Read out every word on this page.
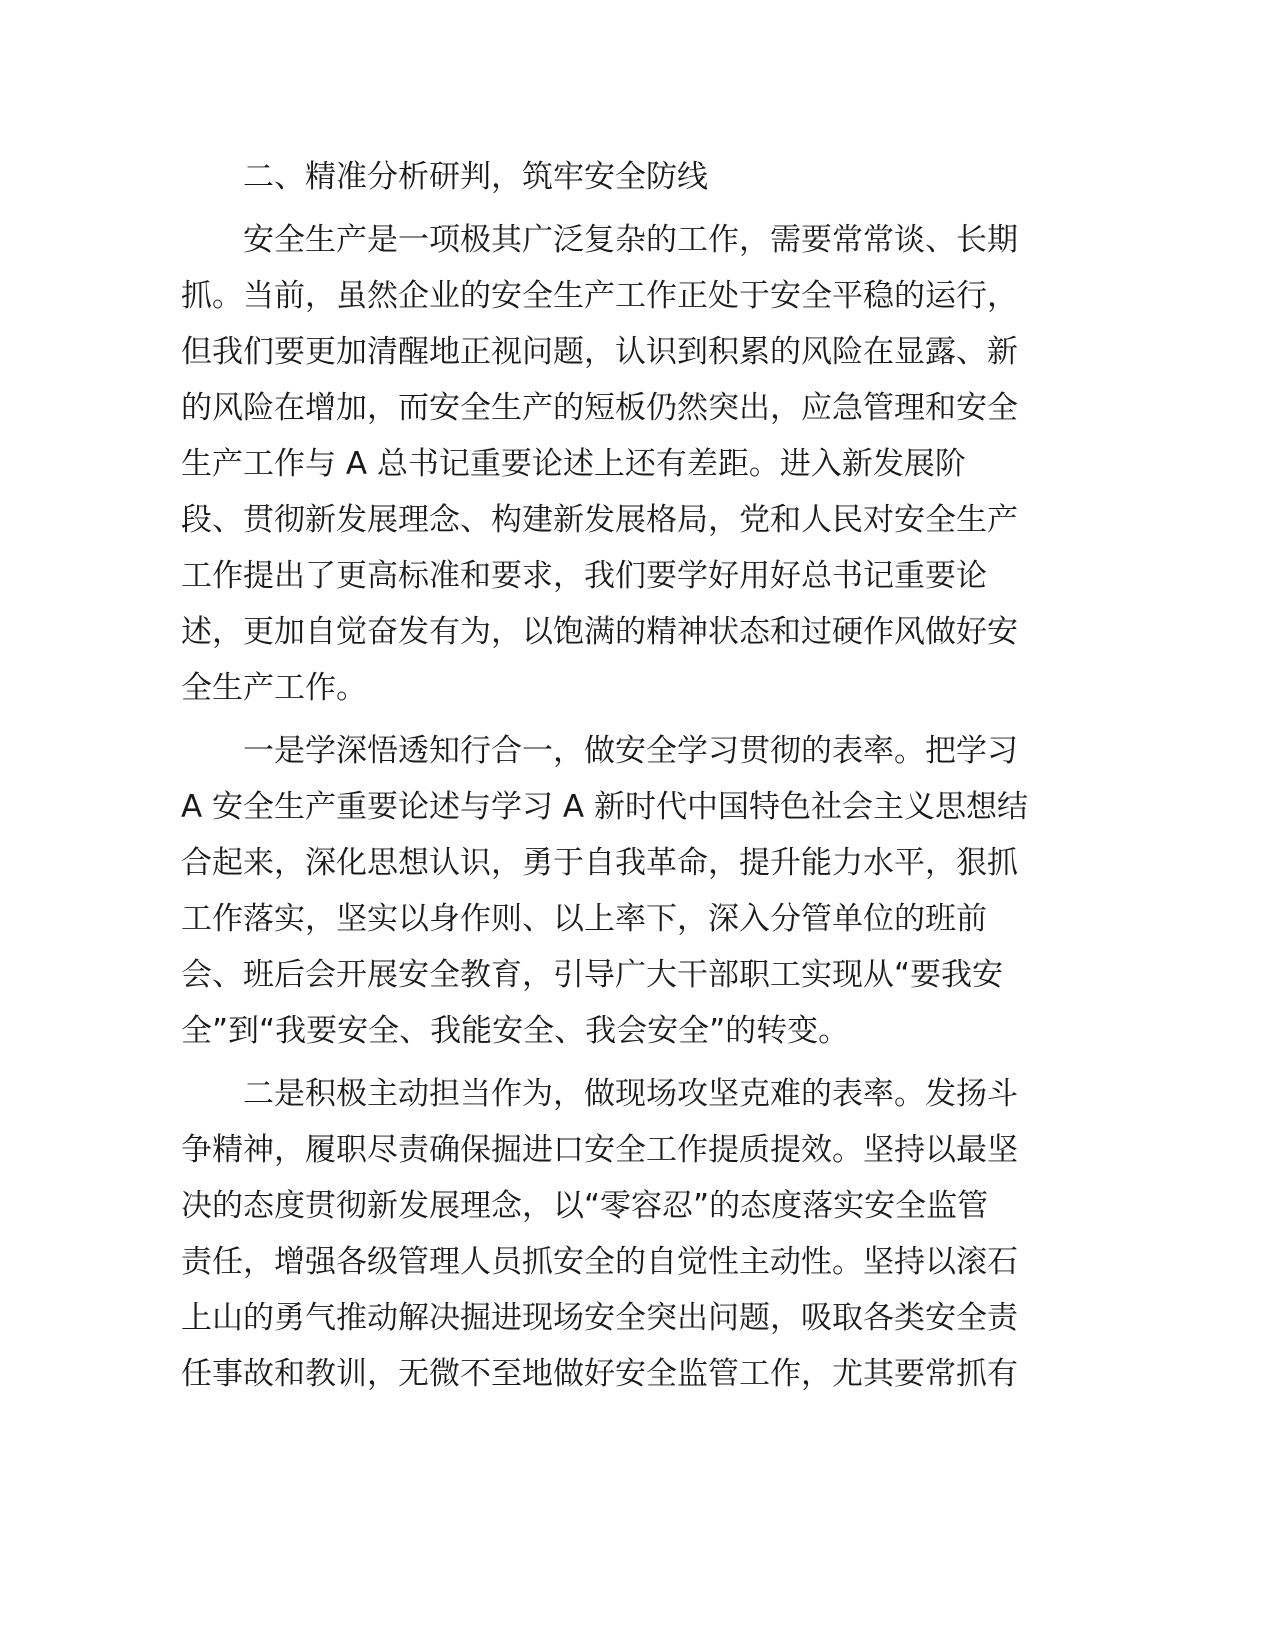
二、精准分析研判，筑牢安全防线
安全生产是一项极其广泛复杂的工作，需要常常谈、长期
抓。当前，虽然企业的安全生产工作正处于安全平稳的运行，
但我们要更加清醒地正视问题，认识到积累的风险在显露、新
的风险在增加，而安全生产的短板仍然突出，应急管理和安全
生产工作与 A 总书记重要论述上还有差距。进入新发展阶
段、贯彻新发展理念、构建新发展格局，党和人民对安全生产
工作提出了更高标准和要求，我们要学好用好总书记重要论
述，更加自觉奋发有为，以饱满的精神状态和过硬作风做好安
全生产工作。
一是学深悟透知行合一，做安全学习贯彻的表率。把学习
A 安全生产重要论述与学习 A 新时代中国特色社会主义思想结
合起来，深化思想认识，勇于自我革命，提升能力水平，狠抓
工作落实，坚实以身作则、以上率下，深入分管单位的班前
会、班后会开展安全教育，引导广大干部职工实现从“要我安
全”到“我要安全、我能安全、我会安全”的转变。
二是积极主动担当作为，做现场攻坚克难的表率。发扬斗
争精神，履职尽责确保掘进口安全工作提质提效。坚持以最坚
决的态度贯彻新发展理念，以“零容忍”的态度落实安全监管
责任，增强各级管理人员抓安全的自觉性主动性。坚持以滚石
上山的勇气推动解决掘进现场安全突出问题，吸取各类安全责
任事故和教训，无微不至地做好安全监管工作，尤其要常抓有
